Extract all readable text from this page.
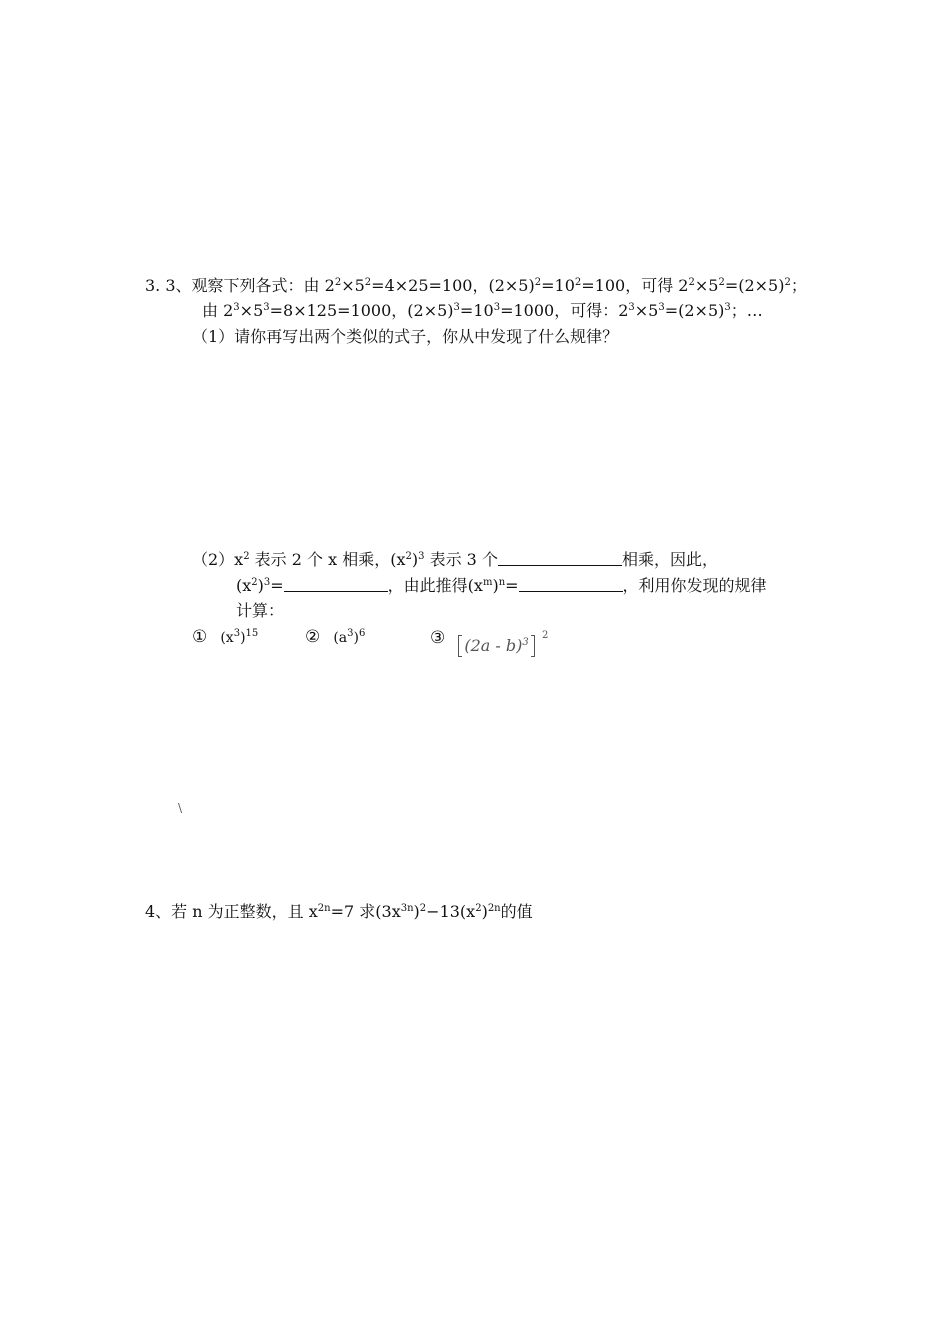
3. 3、观察下列各式：由 $2^2\times 5^2=4\times 25=100$，$(2\times 5)^2=10^2=100$，可得 $2^2\times 5^2=(2\times 5)^2$；
由 $2^3\times 5^3=8\times 125=1000$，$(2\times 5)^3=10^3=1000$，可得：$2^3\times 5^3=(2\times 5)^3$；…
（1）请你再写出两个类似的式子，你从中发现了什么规律？
$(2)x^2$ 表示 2 个 x 相乘，$(x^2)^3$ 表示 3 个	相乘，因此，
$(x^2)^3=$	，由此推得$(x^m)^n=$	，利用你发现的规律
计算：
① $(x^3)^{15}$	② $(a^3)^6$	③ (2a - b)$^3$
2
\
4、若 n 为正整数，且 $x^{2n}=7$ 求$(3x^{3n})^2-13(x^2)^{2n}$的值
